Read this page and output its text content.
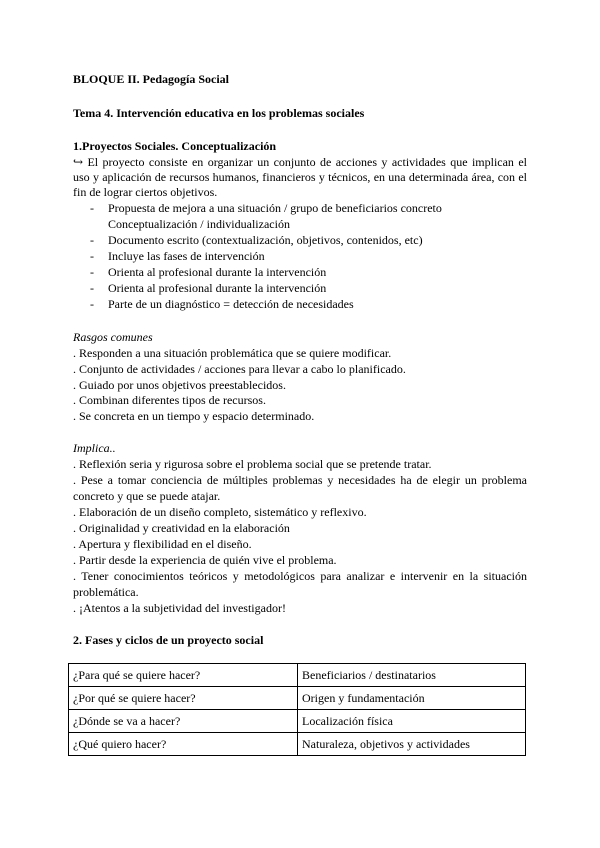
BLOQUE II. Pedagogía Social
Tema 4. Intervención educativa en los problemas sociales
1.Proyectos Sociales. Conceptualización
↪ El proyecto consiste en organizar un conjunto de acciones y actividades que implican el
uso y aplicación de recursos humanos, financieros y técnicos, en una determinada área, con el
fin de lograr ciertos objetivos.
- Propuesta de mejora a una situación / grupo de beneficiarios concreto
Conceptualización / individualización
- Documento escrito (contextualización, objetivos, contenidos, etc)
- Incluye las fases de intervención
- Orienta al profesional durante la intervención
- Orienta al profesional durante la intervención
- Parte de un diagnóstico = detección de necesidades
Rasgos comunes
. Responden a una situación problemática que se quiere modificar.
. Conjunto de actividades / acciones para llevar a cabo lo planificado.
. Guiado por unos objetivos preestablecidos.
. Combinan diferentes tipos de recursos.
. Se concreta en un tiempo y espacio determinado.
Implica..
. Reflexión seria y rigurosa sobre el problema social que se pretende tratar.
. Pese a tomar conciencia de múltiples problemas y necesidades ha de elegir un problema
concreto y que se puede atajar.
. Elaboración de un diseño completo, sistemático y reflexivo.
. Originalidad y creatividad en la elaboración
. Apertura y flexibilidad en el diseño.
. Partir desde la experiencia de quién vive el problema.
. Tener conocimientos teóricos y metodológicos para analizar e intervenir en la situación
problemática.
. ¡Atentos a la subjetividad del investigador!
2. Fases y ciclos de un proyecto social
¿Para qué se quiere hacer?	Beneficiarios / destinatarios
¿Por qué se quiere hacer?	Origen y fundamentación
¿Dónde se va a hacer?	Localización física
¿Qué quiero hacer?	Naturaleza, objetivos y actividades
